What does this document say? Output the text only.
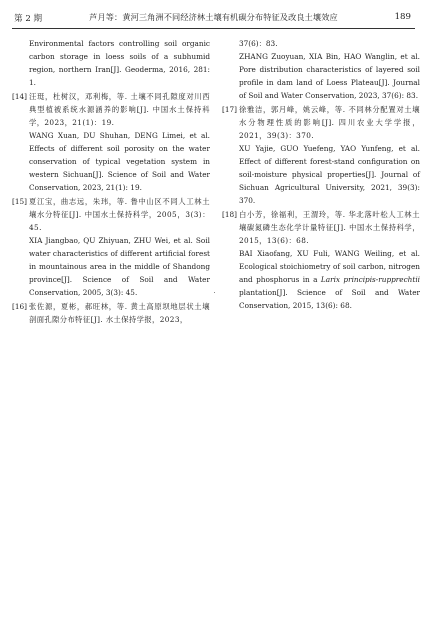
第 2 期	芦月等：黄河三角洲不同经济林土壤有机碳分布特征及改良土壤效应	189
Environmental factors controlling soil organic carbon storage in loess soils of a subhumid region, northern Iran[J]. Geoderma, 2016, 281: 1.
[14] 汪珽，杜树汉，邓利梅，等. 土壤不同孔隙度对川西典型植被系统水源涵养的影响[J]. 中国水土保持科学，2023，21(1)：19.
WANG Xuan, DU Shuhan, DENG Limei, et al. Effects of different soil porosity on the water conservation of typical vegetation system in western Sichuan[J]. Science of Soil and Water Conservation, 2023, 21(1): 19.
[15] 夏江宝，曲志远，朱玮，等. 鲁中山区不同人工林土壤水分特征[J]. 中国水土保持科学，2005，3(3)：45.
XIA Jiangbao, QU Zhiyuan, ZHU Wei, et al. Soil water characteristics of different artificial forest in mountainous area in the middle of Shandong province[J]. Science of Soil and Water Conservation, 2005, 3(3): 45.
[16] 张佐源，夏彬，郝旺林，等. 黄土高原坝地层状土壤剖面孔隙分布特征[J]. 水土保持学报，2023，
37(6)：83.
ZHANG Zuoyuan, XIA Bin, HAO Wanglin, et al. Pore distribution characteristics of layered soil profile in dam land of Loess Plateau[J]. Journal of Soil and Water Conservation, 2023, 37(6): 83.
[17] 徐雅洁，郭月峰，姚云峰，等. 不同林分配置对土壤水分物理性质的影响[J]. 四川农业大学学报，2021，39(3)：370.
XU Yajie, GUO Yuefeng, YAO Yunfeng, et al. Effect of different forest-stand configuration on soil-moisture physical properties[J]. Journal of Sichuan Agricultural University, 2021, 39(3): 370.
[18] 白小芳，徐福利，王渭玲，等. 华北落叶松人工林土壤碳氮磷生态化学计量特征[J]. 中国水土保持科学，2015，13(6)：68.
BAI Xiaofang, XU Fuli, WANG Weiling, et al. Ecological stoichiometry of soil carbon, nitrogen and phosphorus in a Larix principis-rupprechtii plantation[J]. Science of Soil and Water Conservation, 2015, 13(6): 68.
